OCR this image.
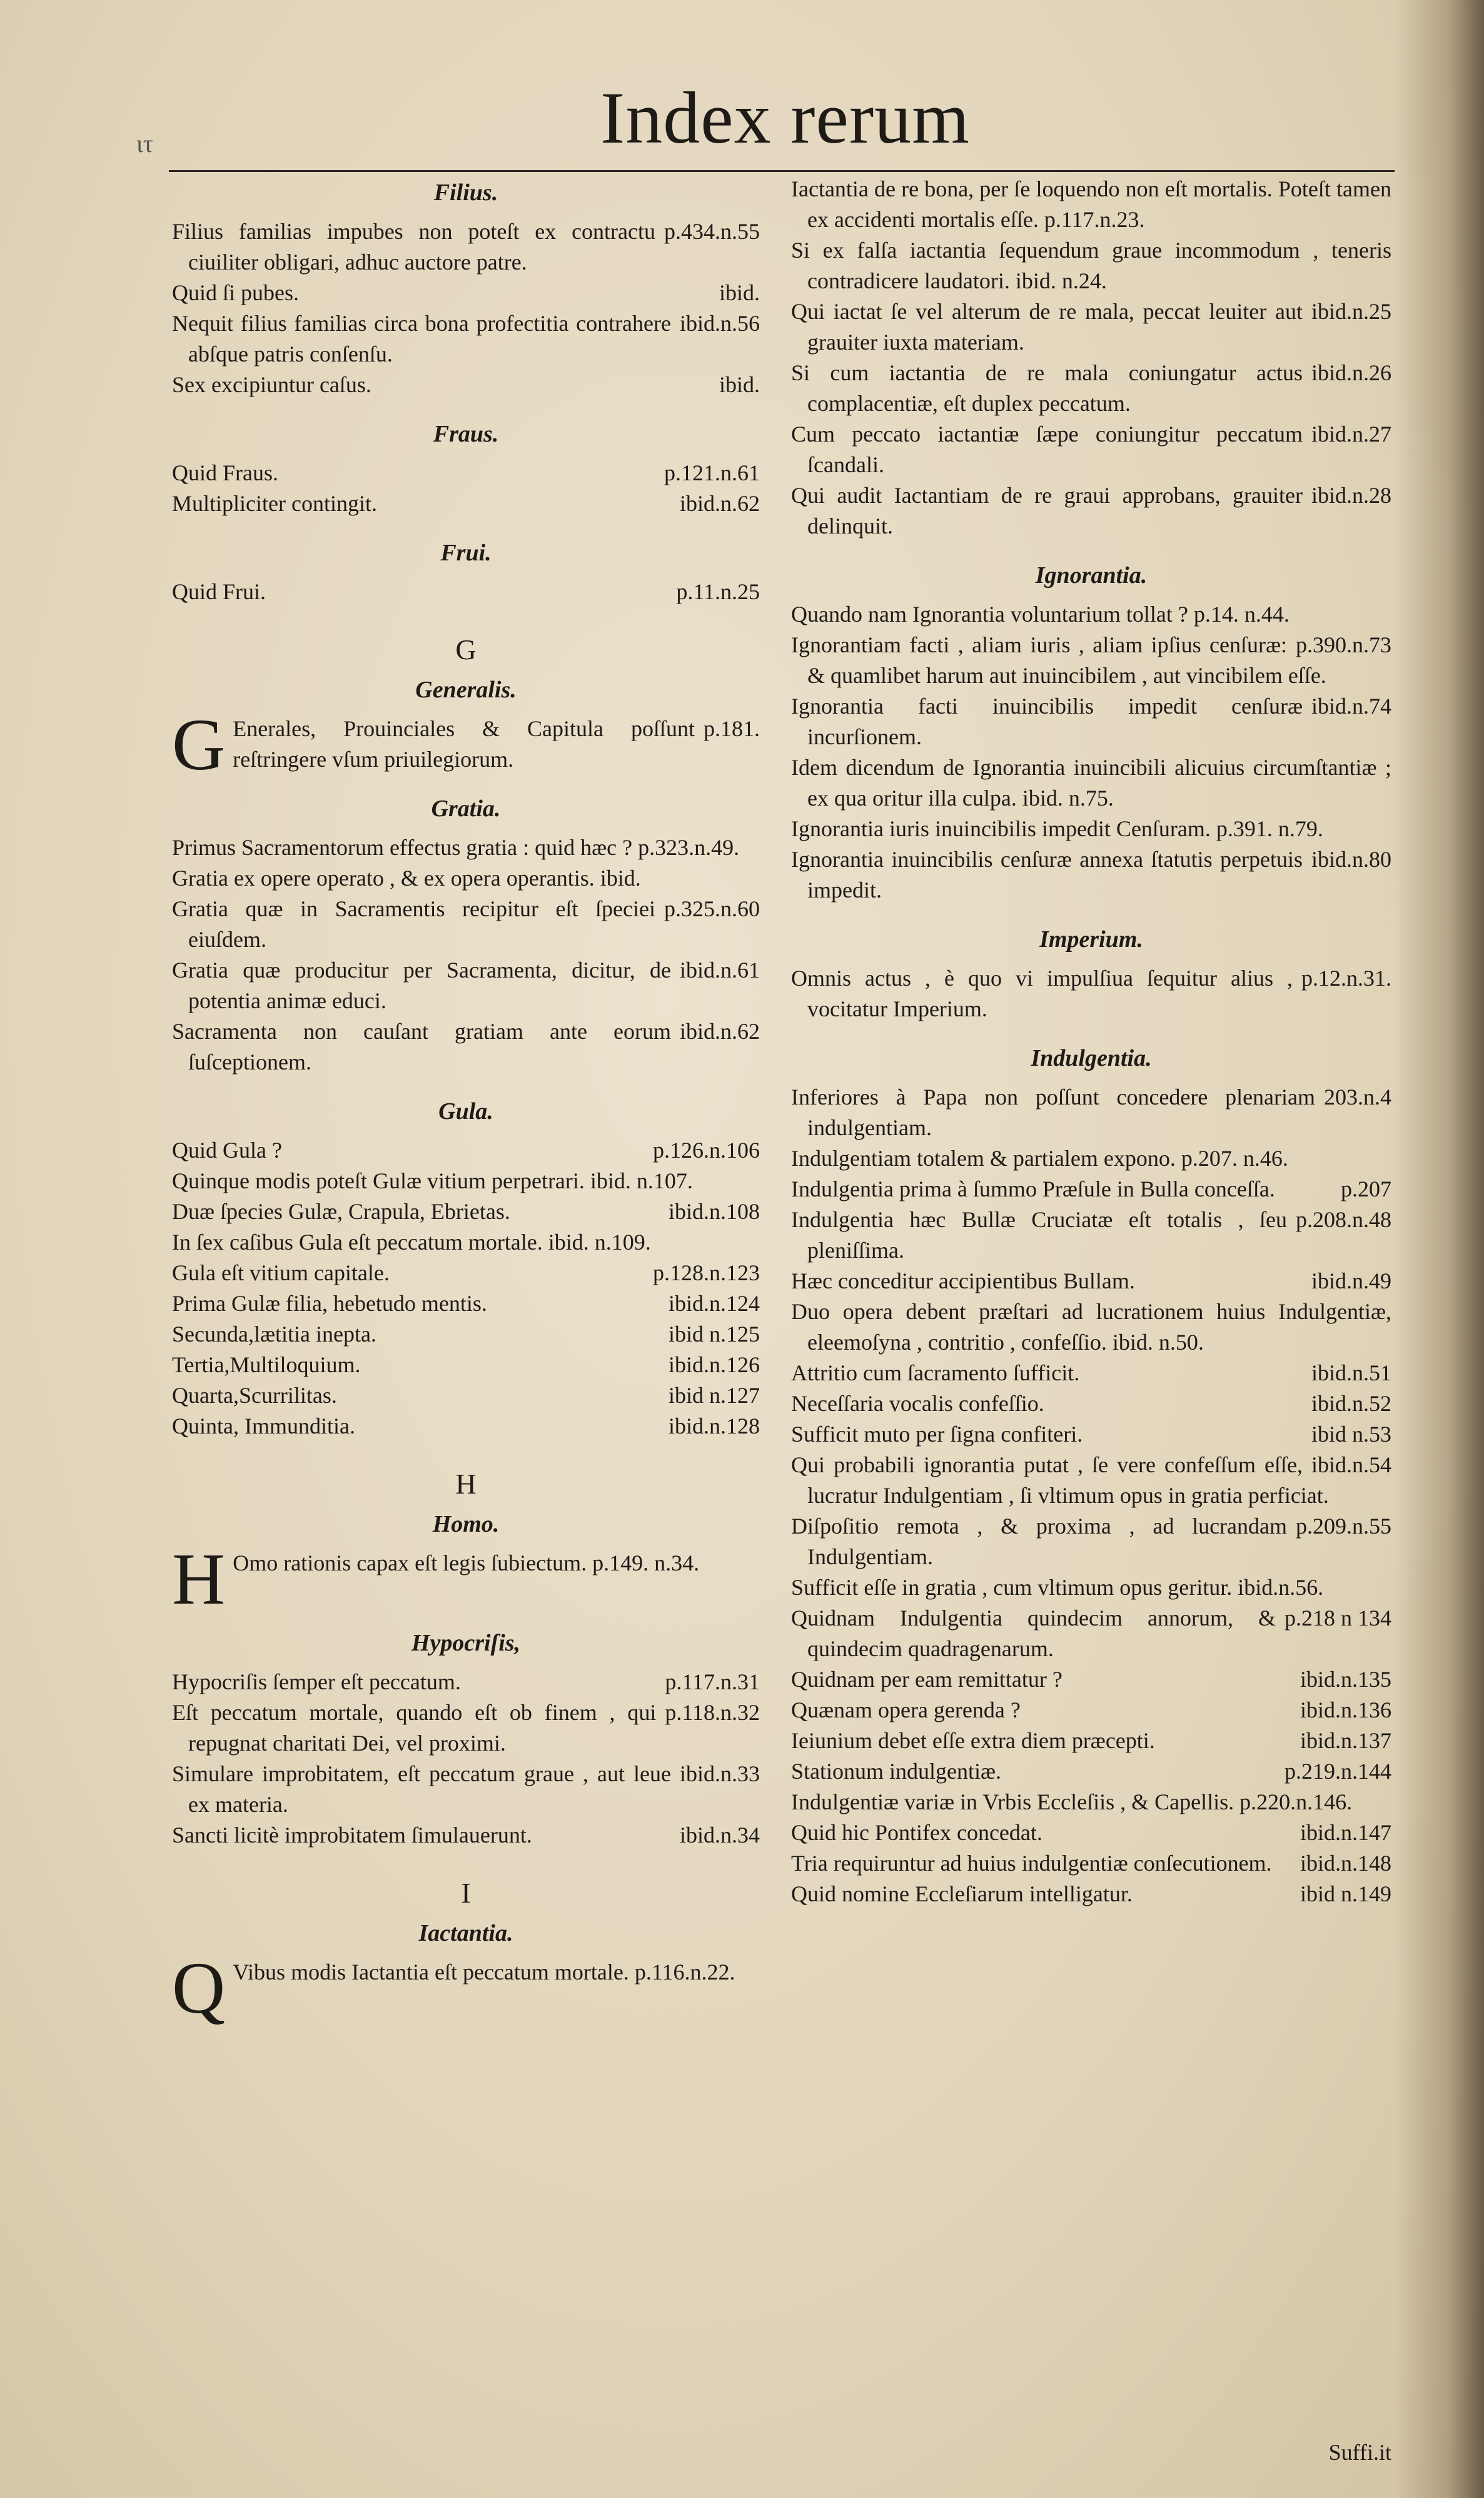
ιτ	Index rerum
Filius.
p.434.n.55
Filius familias impubes non poteſt ex contractu ciuiliter obligari, adhuc auctore patre.
ibid.
Quid ſi pubes.
ibid.n.56
Nequit filius familias circa bona profectitia contrahere abſque patris conſenſu.
ibid.
Sex excipiuntur caſus.
Fraus.
p.121.n.61
Quid Fraus.
ibid.n.62
Multipliciter contingit.
Frui.
p.11.n.25
Quid Frui.
G
Generalis.
G	p.181.
Enerales, Prouinciales & Capitula poſſunt reſtringere vſum priuilegiorum.
Gratia.
Primus Sacramentorum effectus gratia : quid hæc ? p.323.n.49.
Gratia ex opere operato , & ex opera operantis. ibid.
p.325.n.60
Gratia quæ in Sacramentis recipitur eſt ſpeciei eiuſdem.
ibid.n.61
Gratia quæ producitur per Sacramenta, dicitur, de potentia animæ educi.
ibid.n.62
Sacramenta non cauſant gratiam ante eorum ſuſceptionem.
Gula.
p.126.n.106
Quid Gula ?
Quinque modis poteſt Gulæ vitium perpetrari. ibid. n.107.
ibid.n.108
Duæ ſpecies Gulæ, Crapula, Ebrietas.
In ſex caſibus Gula eſt peccatum mortale. ibid. n.109.
p.128.n.123
Gula eſt vitium capitale.
ibid.n.124
Prima Gulæ filia, hebetudo mentis.
ibid n.125
Secunda,lætitia inepta.
ibid.n.126
Tertia,Multiloquium.
ibid n.127
Quarta,Scurrilitas.
ibid.n.128
Quinta, Immunditia.
H
Homo.
H Omo rationis capax eſt legis ſubiectum. p.149. n.34.
Hypocriſis,
p.117.n.31
Hypocriſis ſemper eſt peccatum.
p.118.n.32
Eſt peccatum mortale, quando eſt ob finem , qui repugnat charitati Dei, vel proximi.
ibid.n.33
Simulare improbitatem, eſt peccatum graue , aut leue ex materia.
ibid.n.34
Sancti licitè improbitatem ſimulauerunt.
I
Iactantia.
Q Vibus modis Iactantia eſt peccatum mortale. p.116.n.22.
Iactantia de re bona, per ſe loquendo non eſt mortalis. Poteſt tamen ex accidenti mortalis eſſe. p.117.n.23.
Si ex falſa iactantia ſequendum graue incommodum , teneris contradicere laudatori. ibid. n.24.
ibid.n.25
Qui iactat ſe vel alterum de re mala, peccat leuiter aut grauiter iuxta materiam.
ibid.n.26
Si cum iactantia de re mala coniungatur actus complacentiæ, eſt duplex peccatum.
ibid.n.27
Cum peccato iactantiæ ſæpe coniungitur peccatum ſcandali.
ibid.n.28
Qui audit Iactantiam de re graui approbans, grauiter delinquit.
Ignorantia.
Quando nam Ignorantia voluntarium tollat ? p.14. n.44.
p.390.n.73
Ignorantiam facti , aliam iuris , aliam ipſius cenſuræ: & quamlibet harum aut inuincibilem , aut vincibilem eſſe.
ibid.n.74
Ignorantia facti inuincibilis impedit cenſuræ incurſionem.
Idem dicendum de Ignorantia inuincibili alicuius circumſtantiæ ; ex qua oritur illa culpa. ibid. n.75.
Ignorantia iuris inuincibilis impedit Cenſuram. p.391. n.79.
ibid.n.80
Ignorantia inuincibilis cenſuræ annexa ſtatutis perpetuis impedit.
Imperium.
p.12.n.31.
Omnis actus , è quo vi impulſiua ſequitur alius , vocitatur Imperium.
Indulgentia.
203.n.4
Inferiores à Papa non poſſunt concedere plenariam indulgentiam.
Indulgentiam totalem & partialem expono. p.207. n.46.
p.207
Indulgentia prima à ſummo Præſule in Bulla conceſſa.
p.208.n.48
Indulgentia hæc Bullæ Cruciatæ eſt totalis , ſeu pleniſſima.
ibid.n.49
Hæc conceditur accipientibus Bullam.
Duo opera debent præſtari ad lucrationem huius Indulgentiæ, eleemoſyna , contritio , confeſſio. ibid. n.50.
ibid.n.51
Attritio cum ſacramento ſufficit.
ibid.n.52
Neceſſaria vocalis confeſſio.
ibid n.53
Sufficit muto per ſigna confiteri.
ibid.n.54
Qui probabili ignorantia putat , ſe vere confeſſum eſſe, lucratur Indulgentiam , ſi vltimum opus in gratia perficiat.
p.209.n.55
Diſpoſitio remota , & proxima , ad lucrandam Indulgentiam.
Sufficit eſſe in gratia , cum vltimum opus geritur. ibid.n.56.
p.218 n 134
Quidnam Indulgentia quindecim annorum, & quindecim quadragenarum.
ibid.n.135
Quidnam per eam remittatur ?
ibid.n.136
Quænam opera gerenda ?
ibid.n.137
Ieiunium debet eſſe extra diem præcepti.
p.219.n.144
Stationum indulgentiæ.
Indulgentiæ variæ in Vrbis Eccleſiis , & Capellis. p.220.n.146.
ibid.n.147
Quid hic Pontifex concedat.
ibid.n.148
Tria requiruntur ad huius indulgentiæ conſecutionem.
ibid n.149
Quid nomine Eccleſiarum intelligatur.
Suffi.it
